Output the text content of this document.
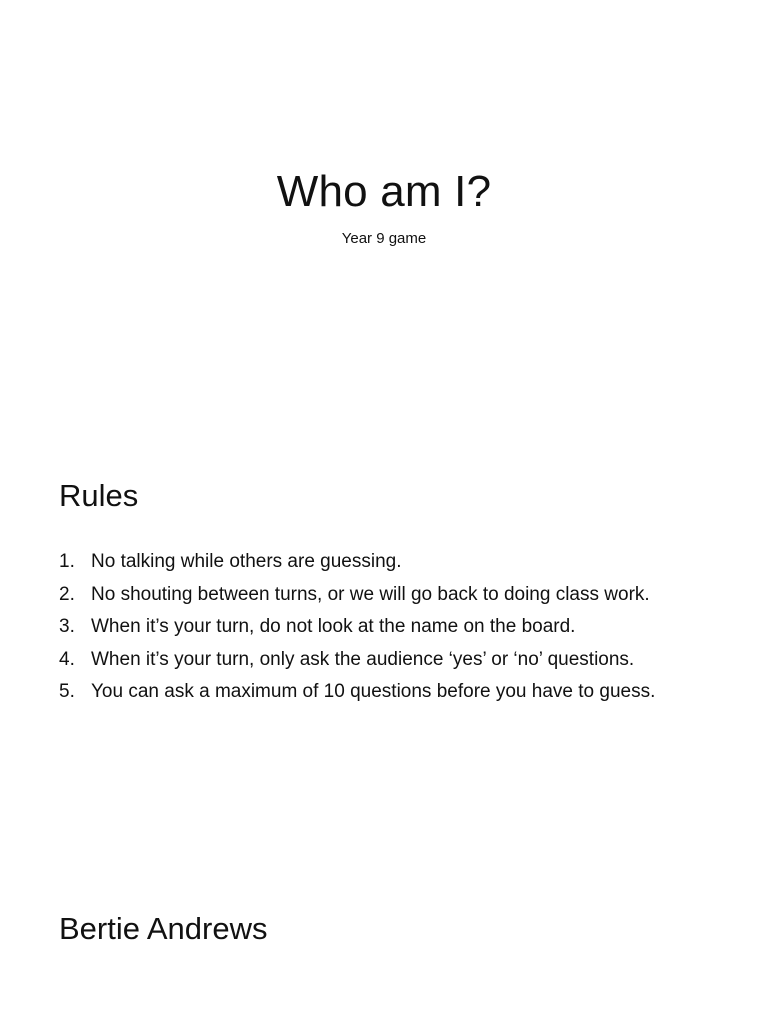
Who am I?

Year 9 game

Rules
1. No talking while others are guessing.
2. No shouting between turns, or we will go back to doing class work.
3. When it’s your turn, do not look at the name on the board.
4. When it’s your turn, only ask the audience ‘yes’ or ‘no’ questions.
5. You can ask a maximum of 10 questions before you have to guess.
Bertie Andrews
